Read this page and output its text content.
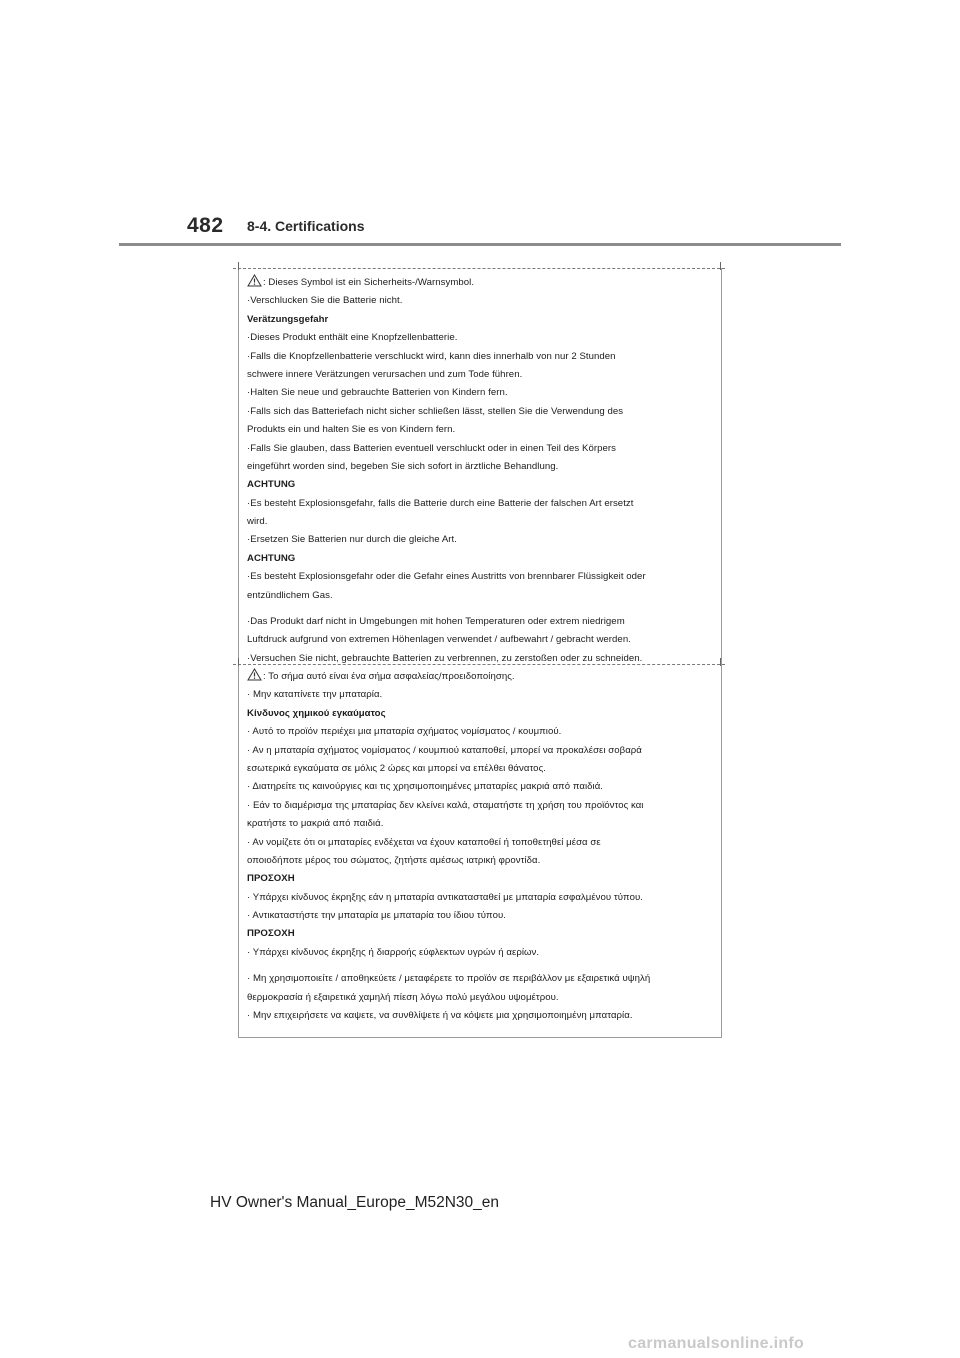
482 8-4. Certifications
: Dieses Symbol ist ein Sicherheits-/Warnsymbol.
·Verschlucken Sie die Batterie nicht.
Verätzungsgefahr
·Dieses Produkt enthält eine Knopfzellenbatterie.
·Falls die Knopfzellenbatterie verschluckt wird, kann dies innerhalb von nur 2 Stunden
schwere innere Verätzungen verursachen und zum Tode führen.
·Halten Sie neue und gebrauchte Batterien von Kindern fern.
·Falls sich das Batteriefach nicht sicher schließen lässt, stellen Sie die Verwendung des
Produkts ein und halten Sie es von Kindern fern.
·Falls Sie glauben, dass Batterien eventuell verschluckt oder in einen Teil des Körpers
eingeführt worden sind, begeben Sie sich sofort in ärztliche Behandlung.
ACHTUNG
·Es besteht Explosionsgefahr, falls die Batterie durch eine Batterie der falschen Art ersetzt
wird.
·Ersetzen Sie Batterien nur durch die gleiche Art.
ACHTUNG
·Es besteht Explosionsgefahr oder die Gefahr eines Austritts von brennbarer Flüssigkeit oder
entzündlichem Gas.
·Das Produkt darf nicht in Umgebungen mit hohen Temperaturen oder extrem niedrigem
Luftdruck aufgrund von extremen Höhenlagen verwendet / aufbewahrt / gebracht werden.
·Versuchen Sie nicht, gebrauchte Batterien zu verbrennen, zu zerstoßen oder zu schneiden.
: Το σήμα αυτό είναι ένα σήμα ασφαλείας/προειδοποίησης.
· Μην καταπίνετε την μπαταρία.
Κίνδυνος χημικού εγκαύματος
· Αυτό το προϊόν περιέχει μια μπαταρία σχήματος νομίσματος / κουμπιού.
· Αν η μπαταρία σχήματος νομίσματος / κουμπιού καταποθεί, μπορεί να προκαλέσει σοβαρά
εσωτερικά εγκαύματα σε μόλις 2 ώρες και μπορεί να επέλθει θάνατος.
· Διατηρείτε τις καινούργιες και τις χρησιμοποιημένες μπαταρίες μακριά από παιδιά.
· Εάν το διαμέρισμα της μπαταρίας δεν κλείνει καλά, σταματήστε τη χρήση του προϊόντος και
κρατήστε το μακριά από παιδιά.
· Αν νομίζετε ότι οι μπαταρίες ενδέχεται να έχουν καταποθεί ή τοποθετηθεί μέσα σε
οποιοδήποτε μέρος του σώματος, ζητήστε αμέσως ιατρική φροντίδα.
ΠΡΟΣΟΧΗ
· Υπάρχει κίνδυνος έκρηξης εάν η μπαταρία αντικατασταθεί με μπαταρία εσφαλμένου τύπου.
· Αντικαταστήστε την μπαταρία με μπαταρία του ίδιου τύπου.
ΠΡΟΣΟΧΗ
· Υπάρχει κίνδυνος έκρηξης ή διαρροής εύφλεκτων υγρών ή αερίων.
· Μη χρησιμοποιείτε / αποθηκεύετε / μεταφέρετε το προϊόν σε περιβάλλον με εξαιρετικά υψηλή
θερμοκρασία ή εξαιρετικά χαμηλή πίεση λόγω πολύ μεγάλου υψομέτρου.
· Μην επιχειρήσετε να καψετε, να συνθλίψετε ή να κόψετε μια χρησιμοποιημένη μπαταρία.
HV Owner's Manual_Europe_M52N30_en
carmanualsonline.info
